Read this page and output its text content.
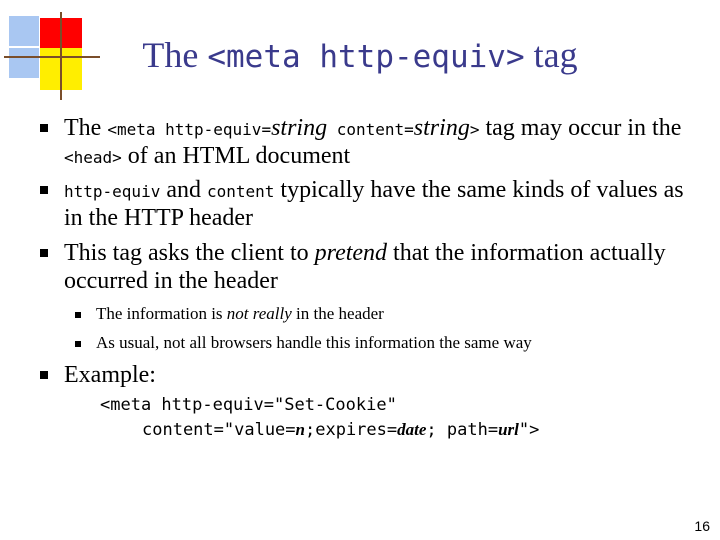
The <meta http-equiv> tag
The <meta http-equiv=string content=string> tag may occur in the
<head> of an HTML document
http-equiv and content typically have the same kinds of values as
in the HTTP header
This tag asks the client to pretend that the information actually
occurred in the header
The information is not really in the header
As usual, not all browsers handle this information the same way
Example:
<meta http-equiv="Set-Cookie"
content="value=n;expires=date; path=url">
16
